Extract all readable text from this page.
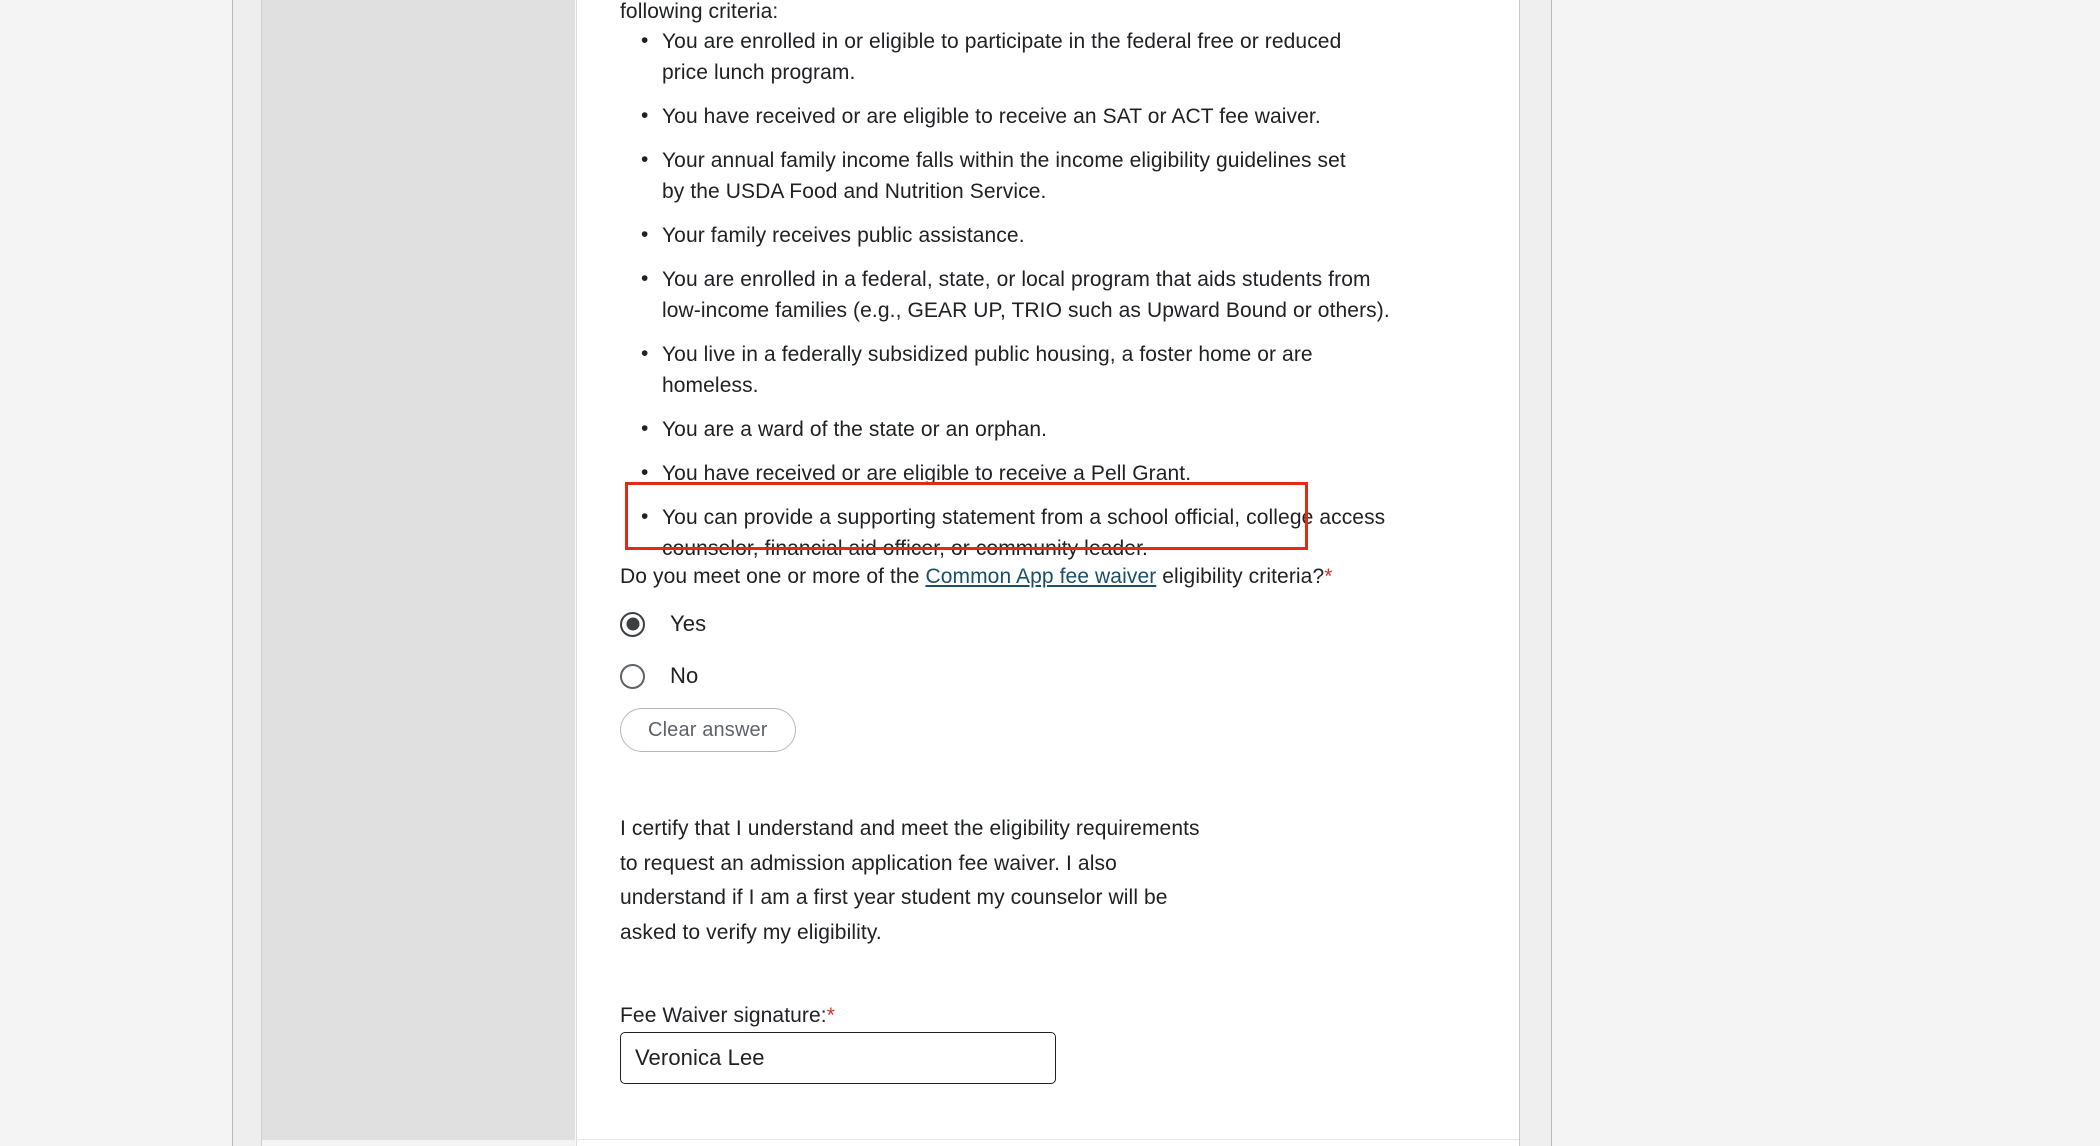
following criteria:
• You are enrolled in or eligible to participate in the federal free or reduced price lunch program.
• You have received or are eligible to receive an SAT or ACT fee waiver.
• Your annual family income falls within the income eligibility guidelines set by the USDA Food and Nutrition Service.
• Your family receives public assistance.
• You are enrolled in a federal, state, or local program that aids students from low-income families (e.g., GEAR UP, TRIO such as Upward Bound or others).
• You live in a federally subsidized public housing, a foster home or are homeless.
• You are a ward of the state or an orphan.
• You have received or are eligible to receive a Pell Grant.
• You can provide a supporting statement from a school official, college access counselor, financial aid officer, or community leader.
Do you meet one or more of the Common App fee waiver eligibility criteria?*
Yes
No
Clear answer
I certify that I understand and meet the eligibility requirements
to request an admission application fee waiver. I also
understand if I am a first year student my counselor will be
asked to verify my eligibility.
Fee Waiver signature:*
Veronica Lee
